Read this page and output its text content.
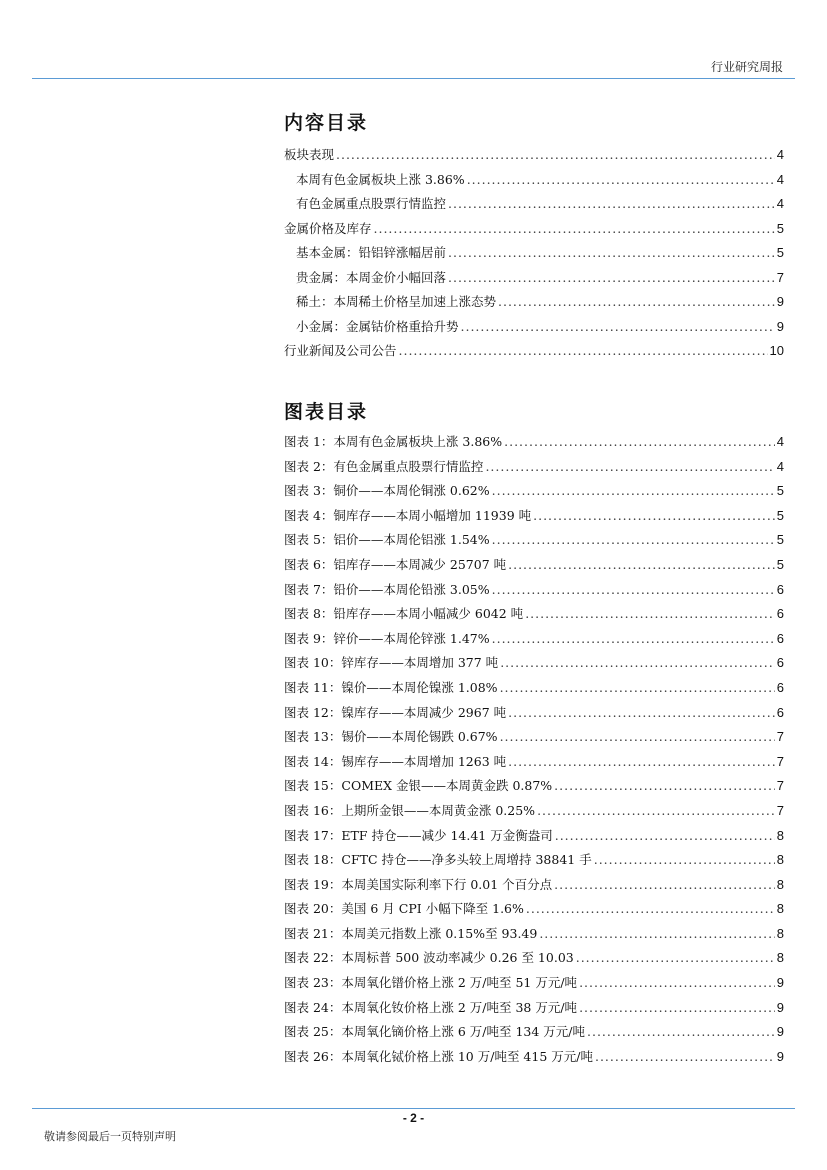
行业研究周报
内容目录
板块表现 .....	4
本周有色金属板块上涨 3.86% .....	4
有色金属重点股票行情监控 .....	4
金属价格及库存 .....	5
基本金属：铅铝锌涨幅居前 .....	5
贵金属：本周金价小幅回落 .....	7
稀土：本周稀土价格呈加速上涨态势 .....	9
小金属：金属钴价格重拾升势 .....	9
行业新闻及公司公告 .....	10
图表目录
图表 1：本周有色金属板块上涨 3.86% .....	4
图表 2：有色金属重点股票行情监控 .....	4
图表 3：铜价——本周伦铜涨 0.62% .....	5
图表 4：铜库存——本周小幅增加 11939 吨 .....	5
图表 5：铝价——本周伦铝涨 1.54% .....	5
图表 6：铝库存——本周减少 25707 吨 .....	5
图表 7：铅价——本周伦铅涨 3.05% .....	6
图表 8：铅库存——本周小幅减少 6042 吨 .....	6
图表 9：锌价——本周伦锌涨 1.47% .....	6
图表 10：锌库存——本周增加 377 吨 .....	6
图表 11：镍价——本周伦镍涨 1.08% .....	6
图表 12：镍库存——本周减少 2967 吨 .....	6
图表 13：锡价——本周伦锡跌 0.67% .....	7
图表 14：锡库存——本周增加 1263 吨 .....	7
图表 15：COMEX 金银——本周黄金跌 0.87% .....	7
图表 16：上期所金银——本周黄金涨 0.25% .....	7
图表 17：ETF 持仓——减少 14.41 万金衡盎司 .....	8
图表 18：CFTC 持仓——净多头较上周增持 38841 手 .....	8
图表 19：本周美国实际利率下行 0.01 个百分点 .....	8
图表 20：美国 6 月 CPI 小幅下降至 1.6% .....	8
图表 21：本周美元指数上涨 0.15%至 93.49 .....	8
图表 22：本周标普 500 波动率减少 0.26 至 10.03 .....	8
图表 23：本周氧化镨价格上涨 2 万/吨至 51 万元/吨 .....	9
图表 24：本周氧化钕价格上涨 2 万/吨至 38 万元/吨 .....	9
图表 25：本周氧化镝价格上涨 6 万/吨至 134 万元/吨 .....	9
图表 26：本周氧化铽价格上涨 10 万/吨至 415 万元/吨 .....	9
- 2 -
敬请参阅最后一页特别声明
